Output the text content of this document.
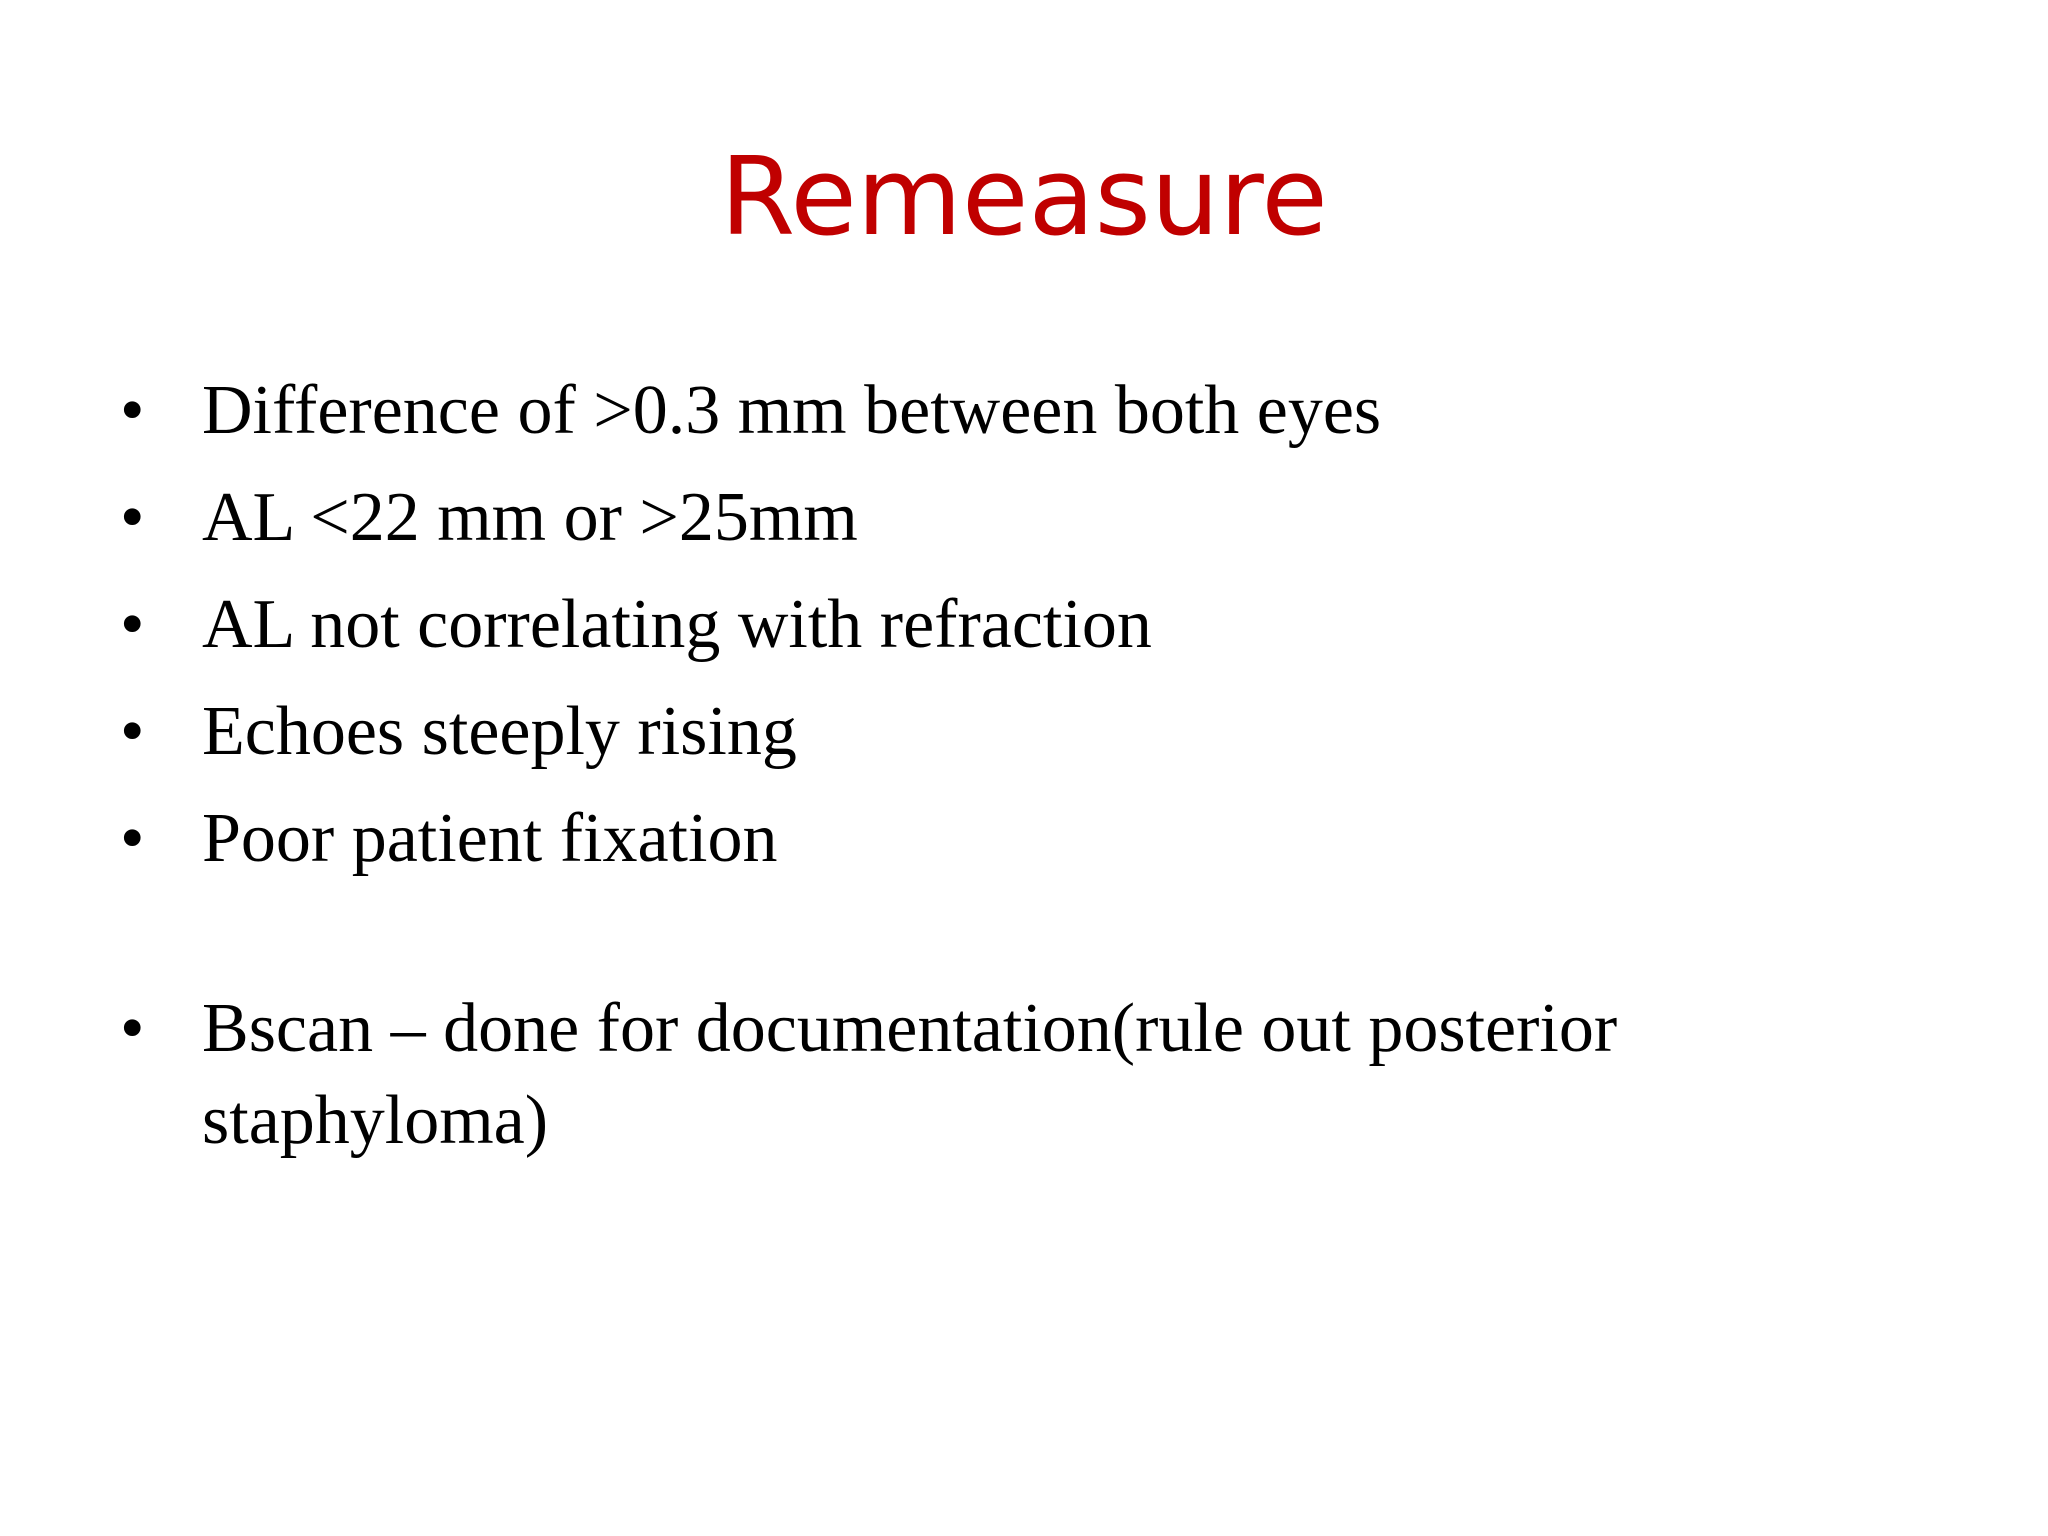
Remeasure
• Difference of >0.3 mm between both eyes
• AL <22 mm or >25mm
• AL not correlating with refraction
• Echoes steeply rising
• Poor patient fixation
• Bscan – done for documentation(rule out posterior staphyloma)
